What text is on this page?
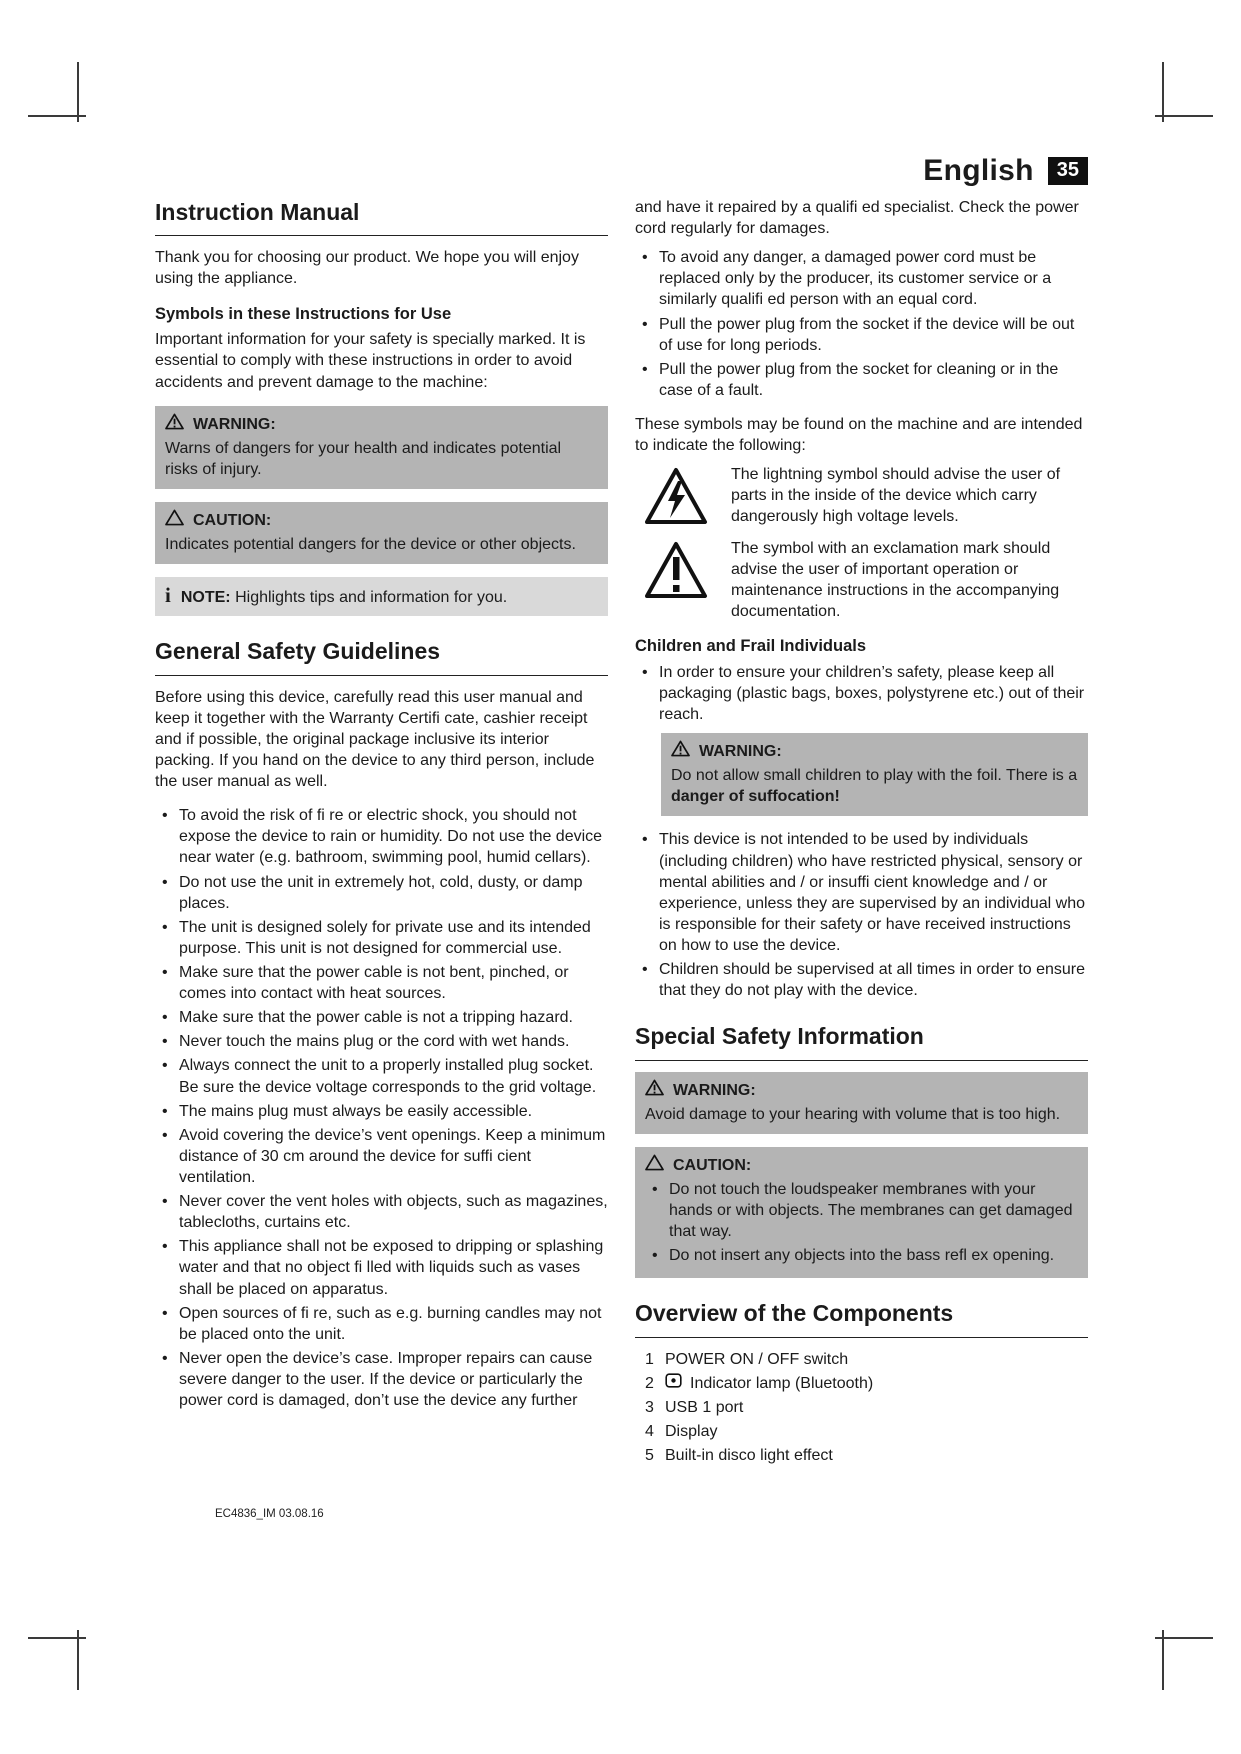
English	35
Instruction Manual

Thank you for choosing our product. We hope you will enjoy using the appliance.

Symbols in these Instructions for Use

Important information for your safety is specially marked. It is essential to comply with these instructions in order to avoid accidents and prevent damage to the machine:

WARNING:
Warns of dangers for your health and indicates potential risks of injury.
CAUTION:
Indicates potential dangers for the device or other objects.
i
NOTE: Highlights tips and information for you.
General Safety Guidelines

Before using this device, carefully read this user manual and keep it together with the Warranty Certifi cate, cashier receipt and if possible, the original package inclusive its interior packing. If you hand on the device to any third person, include the user manual as well.

• To avoid the risk of fi re or electric shock, you should not expose the device to rain or humidity. Do not use the device near water (e.g. bathroom, swimming pool, humid cellars).
• Do not use the unit in extremely hot, cold, dusty, or damp places.
• The unit is designed solely for private use and its intended purpose. This unit is not designed for commercial use.
• Make sure that the power cable is not bent, pinched, or comes into contact with heat sources.
• Make sure that the power cable is not a tripping hazard.
• Never touch the mains plug or the cord with wet hands.
• Always connect the unit to a properly installed plug socket. Be sure the device voltage corresponds to the grid voltage.
• The mains plug must always be easily accessible.
• Avoid covering the device’s vent openings. Keep a minimum distance of 30 cm around the device for suffi cient ventilation.
• Never cover the vent holes with objects, such as magazines, tablecloths, curtains etc.
• This appliance shall not be exposed to dripping or splashing water and that no object fi lled with liquids such as vases shall be placed on apparatus.
• Open sources of fi re, such as e.g. burning candles may not be placed onto the unit.
• Never open the device’s case. Improper repairs can cause severe danger to the user. If the device or particularly the power cord is damaged, don’t use the device any further

and have it repaired by a qualifi ed specialist. Check the power cord regularly for damages.

• To avoid any danger, a damaged power cord must be replaced only by the producer, its customer service or a similarly qualifi ed person with an equal cord.
• Pull the power plug from the socket if the device will be out of use for long periods.
• Pull the power plug from the socket for cleaning or in the case of a fault.

These symbols may be found on the machine and are intended to indicate the following:

The lightning symbol should advise the user of parts in the inside of the device which carry dangerously high voltage levels.
The symbol with an exclamation mark should advise the user of important operation or maintenance instructions in the accompanying documentation.
Children and Frail Individuals
• In order to ensure your children’s safety, please keep all packaging (plastic bags, boxes, polystyrene etc.) out of their reach.
WARNING:
Do not allow small children to play with the foil. There is a danger of suffocation!
• This device is not intended to be used by individuals (including children) who have restricted physical, sensory or mental abilities and / or insuffi cient knowledge and / or experience, unless they are supervised by an individual who is responsible for their safety or have received instructions on how to use the device.
• Children should be supervised at all times in order to ensure that they do not play with the device.
Special Safety Information
WARNING:
Avoid damage to your hearing with volume that is too high.
CAUTION:
• Do not touch the loudspeaker membranes with your hands or with objects. The membranes can get damaged that way.
• Do not insert any objects into the bass refl ex opening.
Overview of the Components
1 POWER ON / OFF switch
2 Indicator lamp (Bluetooth)
3 USB 1 port
4 Display
5 Built-in disco light effect
EC4836_IM 03.08.16
